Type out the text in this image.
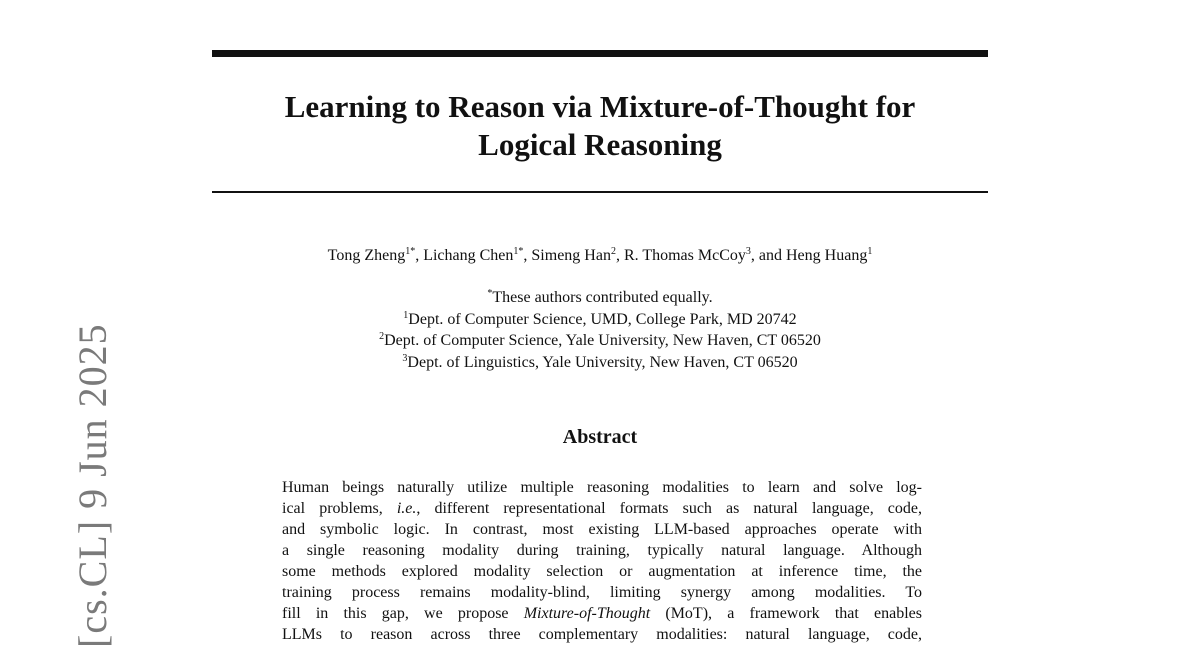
[cs.CL] 9 Jun 2025
Learning to Reason via Mixture-of-Thought for
Logical Reasoning
Tong Zheng$^{1*}$, Lichang Chen$^{1*}$, Simeng Han$^2$, R. Thomas McCoy$^3$, and Heng Huang$^1$
*These authors contributed equally.
$^1$Dept. of Computer Science, UMD, College Park, MD 20742
$^2$Dept. of Computer Science, Yale University, New Haven, CT 06520
$^3$Dept. of Linguistics, Yale University, New Haven, CT 06520
Abstract
Human beings naturally utilize multiple reasoning modalities to learn and solve log-
ical problems, i.e., different representational formats such as natural language, code,
and symbolic logic. In contrast, most existing LLM-based approaches operate with
a single reasoning modality during training, typically natural language. Although
some methods explored modality selection or augmentation at inference time, the
training process remains modality-blind, limiting synergy among modalities. To
fill in this gap, we propose Mixture-of-Thought (MoT), a framework that enables
LLMs to reason across three complementary modalities: natural language, code,
